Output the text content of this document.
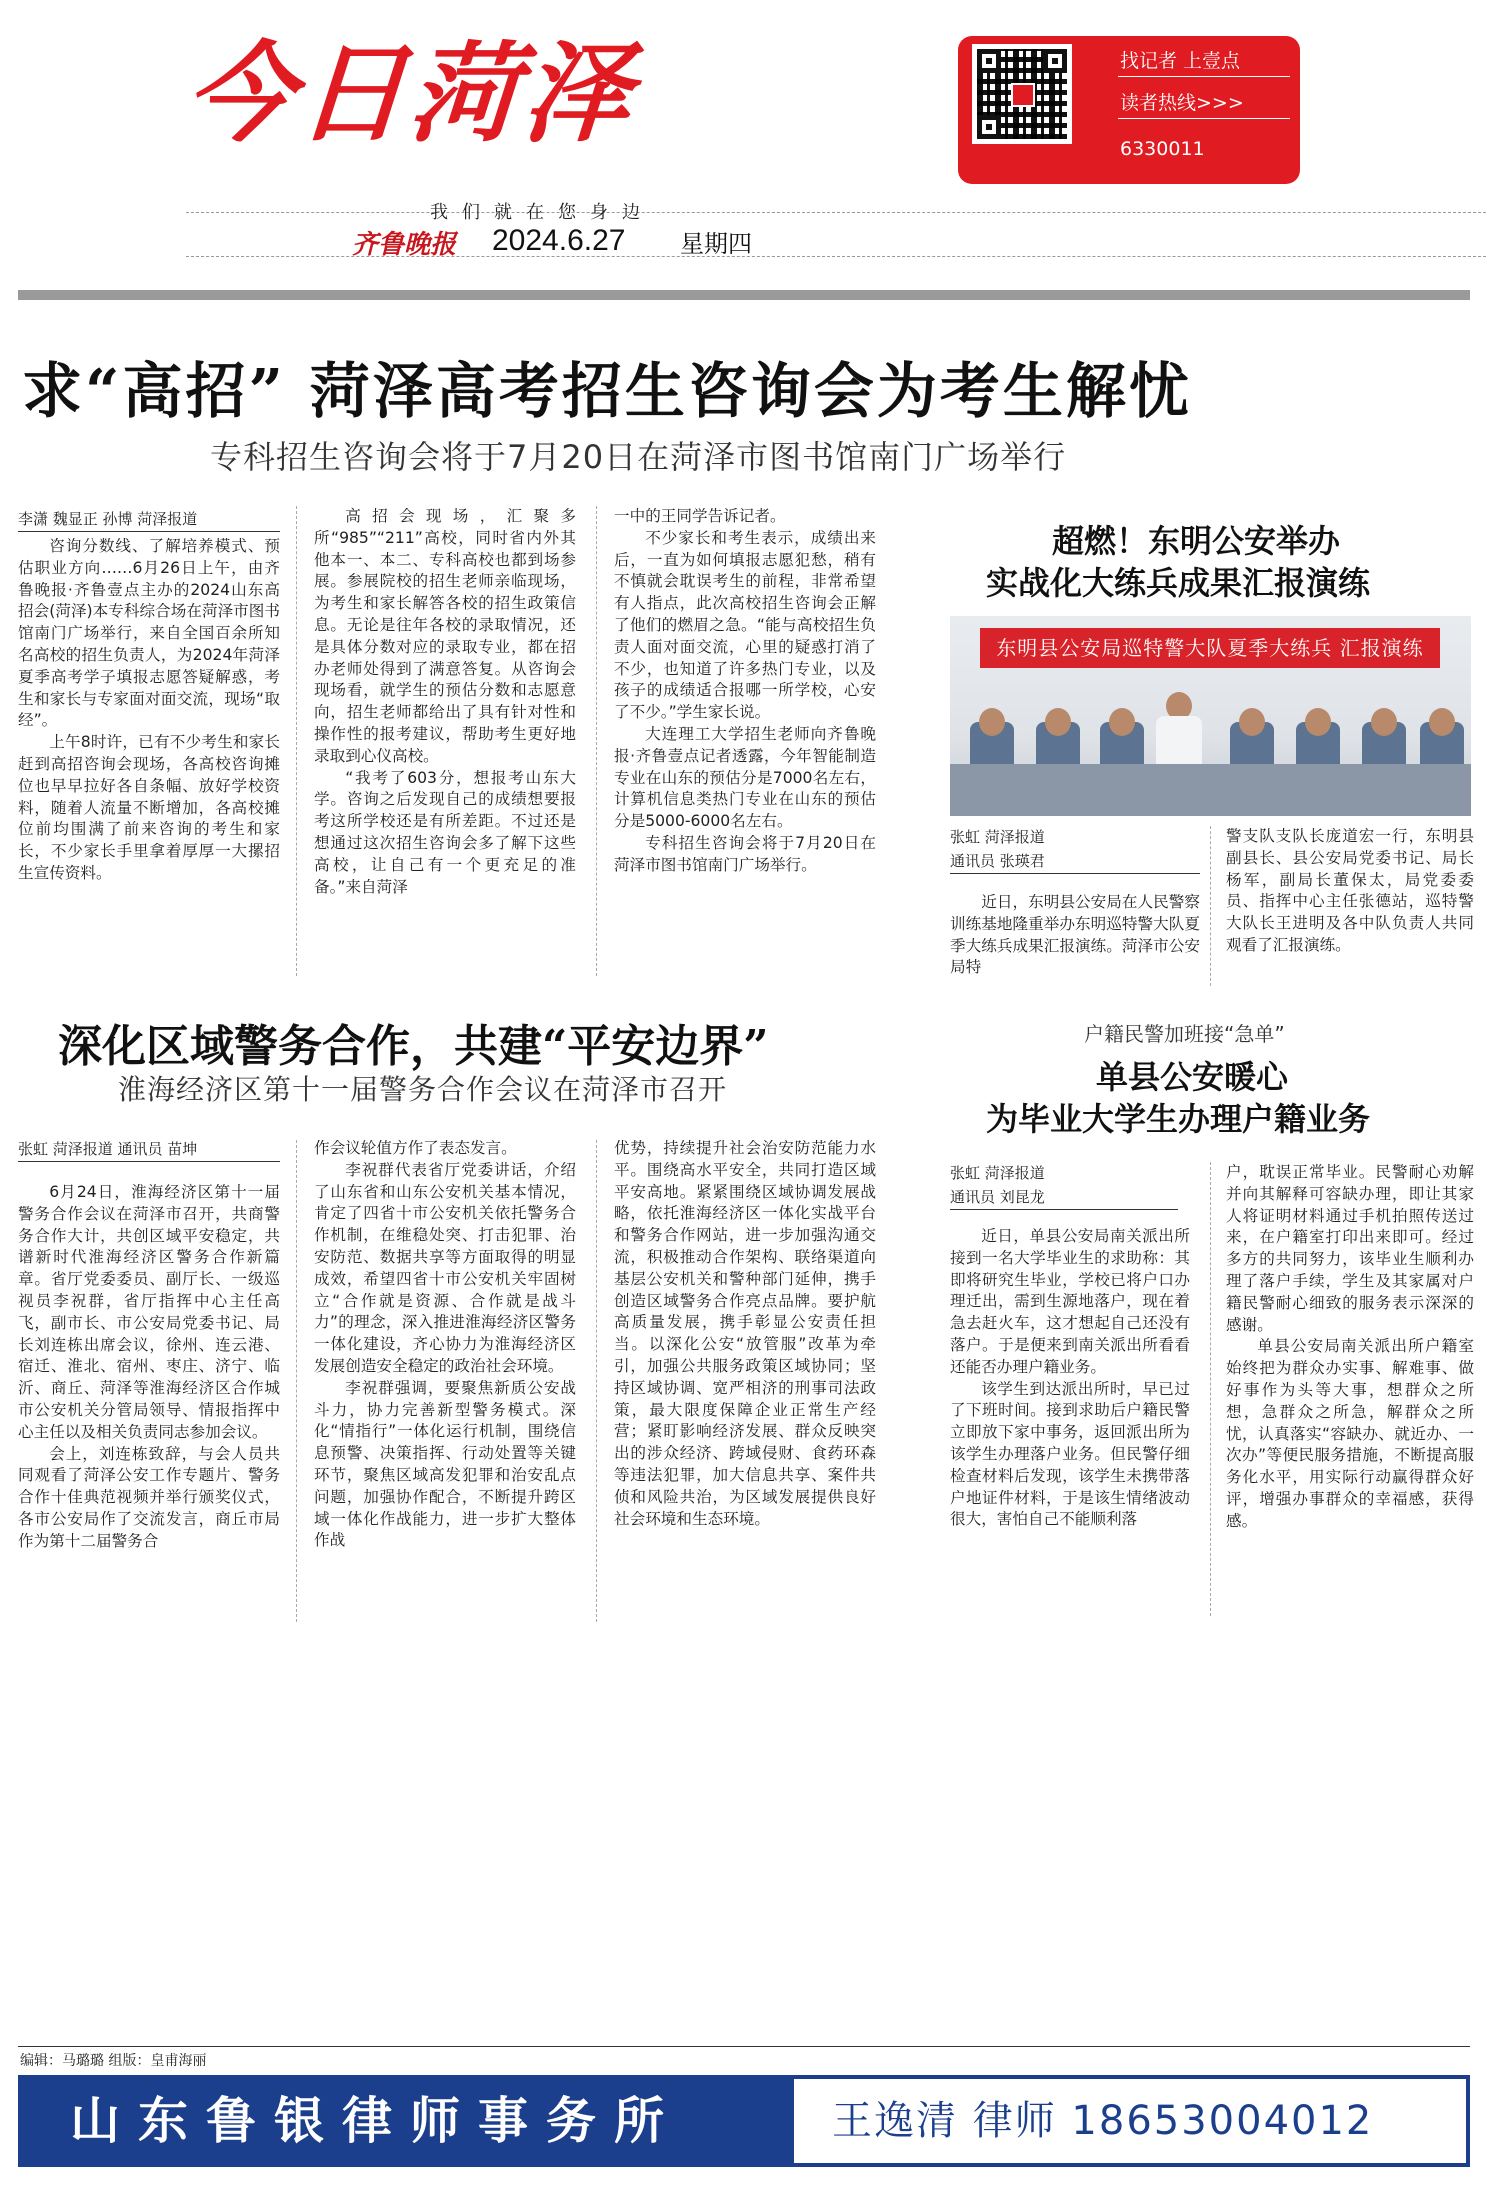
今日菏泽
我们就在您身边
齐鲁晚报 2024.6.27 星期四
找记者 上壹点
读者热线>>>
6330011
求“高招” 菏泽高考招生咨询会为考生解忧
专科招生咨询会将于7月20日在菏泽市图书馆南门广场举行
李潇 魏显正 孙博 菏泽报道

咨询分数线、了解培养模式、预估职业方向……6月26日上午，由齐鲁晚报·齐鲁壹点主办的2024山东高招会(菏泽)本专科综合场在菏泽市图书馆南门广场举行，来自全国百余所知名高校的招生负责人，为2024年菏泽夏季高考学子填报志愿答疑解惑，考生和家长与专家面对面交流，现场“取经”。

上午8时许，已有不少考生和家长赶到高招咨询会现场，各高校咨询摊位也早早拉好各自条幅、放好学校资料，随着人流量不断增加，各高校摊位前均围满了前来咨询的考生和家长，不少家长手里拿着厚厚一大摞招生宣传资料。

高招会现场，汇聚多所“985”“211”高校，同时省内外其他本一、本二、专科高校也都到场参展。参展院校的招生老师亲临现场，为考生和家长解答各校的招生政策信息。无论是往年各校的录取情况，还是具体分数对应的录取专业，都在招办老师处得到了满意答复。从咨询会现场看，就学生的预估分数和志愿意向，招生老师都给出了具有针对性和操作性的报考建议，帮助考生更好地录取到心仪高校。

“我考了603分，想报考山东大学。咨询之后发现自己的成绩想要报考这所学校还是有所差距。不过还是想通过这次招生咨询会多了解下这些高校，让自己有一个更充足的准备。”来自菏泽

一中的王同学告诉记者。

不少家长和考生表示，成绩出来后，一直为如何填报志愿犯愁，稍有不慎就会耽误考生的前程，非常希望有人指点，此次高校招生咨询会正解了他们的燃眉之急。“能与高校招生负责人面对面交流，心里的疑惑打消了不少，也知道了许多热门专业，以及孩子的成绩适合报哪一所学校，心安了不少。”学生家长说。

大连理工大学招生老师向齐鲁晚报·齐鲁壹点记者透露，今年智能制造专业在山东的预估分是7000名左右，计算机信息类热门专业在山东的预估分是5000-6000名左右。

专科招生咨询会将于7月20日在菏泽市图书馆南门广场举行。

深化区域警务合作，共建“平安边界”
淮海经济区第十一届警务合作会议在菏泽市召开
张虹 菏泽报道 通讯员 苗坤

6月24日，淮海经济区第十一届警务合作会议在菏泽市召开，共商警务合作大计，共创区域平安稳定，共谱新时代淮海经济区警务合作新篇章。省厅党委委员、副厅长、一级巡视员李祝群，省厅指挥中心主任高飞，副市长、市公安局党委书记、局长刘连栋出席会议，徐州、连云港、宿迁、淮北、宿州、枣庄、济宁、临沂、商丘、菏泽等淮海经济区合作城市公安机关分管局领导、情报指挥中心主任以及相关负责同志参加会议。

会上，刘连栋致辞，与会人员共同观看了菏泽公安工作专题片、警务合作十佳典范视频并举行颁奖仪式，各市公安局作了交流发言，商丘市局作为第十二届警务合

作会议轮值方作了表态发言。

李祝群代表省厅党委讲话，介绍了山东省和山东公安机关基本情况，肯定了四省十市公安机关依托警务合作机制，在维稳处突、打击犯罪、治安防范、数据共享等方面取得的明显成效，希望四省十市公安机关牢固树立“合作就是资源、合作就是战斗力”的理念，深入推进淮海经济区警务一体化建设，齐心协力为淮海经济区发展创造安全稳定的政治社会环境。

李祝群强调，要聚焦新质公安战斗力，协力完善新型警务模式。深化“情指行”一体化运行机制，围绕信息预警、决策指挥、行动处置等关键环节，聚焦区域高发犯罪和治安乱点问题，加强协作配合，不断提升跨区域一体化作战能力，进一步扩大整体作战

优势，持续提升社会治安防范能力水平。围绕高水平安全，共同打造区域平安高地。紧紧围绕区域协调发展战略，依托淮海经济区一体化实战平台和警务合作网站，进一步加强沟通交流，积极推动合作架构、联络渠道向基层公安机关和警种部门延伸，携手创造区域警务合作亮点品牌。要护航高质量发展，携手彰显公安责任担当。以深化公安“放管服”改革为牵引，加强公共服务政策区域协同；坚持区域协调、宽严相济的刑事司法政策，最大限度保障企业正常生产经营；紧盯影响经济发展、群众反映突出的涉众经济、跨域侵财、食药环森等违法犯罪，加大信息共享、案件共侦和风险共治，为区域发展提供良好社会环境和生态环境。

超燃！东明公安举办
实战化大练兵成果汇报演练
东明县公安局巡特警大队夏季大练兵 汇报演练
张虹 菏泽报道
通讯员 张瑛君

近日，东明县公安局在人民警察训练基地隆重举办东明巡特警大队夏季大练兵成果汇报演练。菏泽市公安局特

警支队支队长庞道宏一行，东明县副县长、县公安局党委书记、局长杨军，副局长董保太，局党委委员、指挥中心主任张德站，巡特警大队长王进明及各中队负责人共同观看了汇报演练。

户籍民警加班接“急单”
单县公安暖心
为毕业大学生办理户籍业务
张虹 菏泽报道
通讯员 刘昆龙

近日，单县公安局南关派出所接到一名大学毕业生的求助称：其即将研究生毕业，学校已将户口办理迁出，需到生源地落户，现在着急去赶火车，这才想起自己还没有落户。于是便来到南关派出所看看还能否办理户籍业务。

该学生到达派出所时，早已过了下班时间。接到求助后户籍民警立即放下家中事务，返回派出所为该学生办理落户业务。但民警仔细检查材料后发现，该学生未携带落户地证件材料，于是该生情绪波动很大，害怕自己不能顺利落

户，耽误正常毕业。民警耐心劝解并向其解释可容缺办理，即让其家人将证明材料通过手机拍照传送过来，在户籍室打印出来即可。经过多方的共同努力，该毕业生顺利办理了落户手续，学生及其家属对户籍民警耐心细致的服务表示深深的感谢。

单县公安局南关派出所户籍室始终把为群众办实事、解难事、做好事作为头等大事，想群众之所想，急群众之所急，解群众之所忧，认真落实“容缺办、就近办、一次办”等便民服务措施，不断提高服务化水平，用实际行动赢得群众好评，增强办事群众的幸福感，获得感。

编辑：马璐璐 组版：皇甫海丽
山东鲁银律师事务所	王逸清 律师 18653004012
